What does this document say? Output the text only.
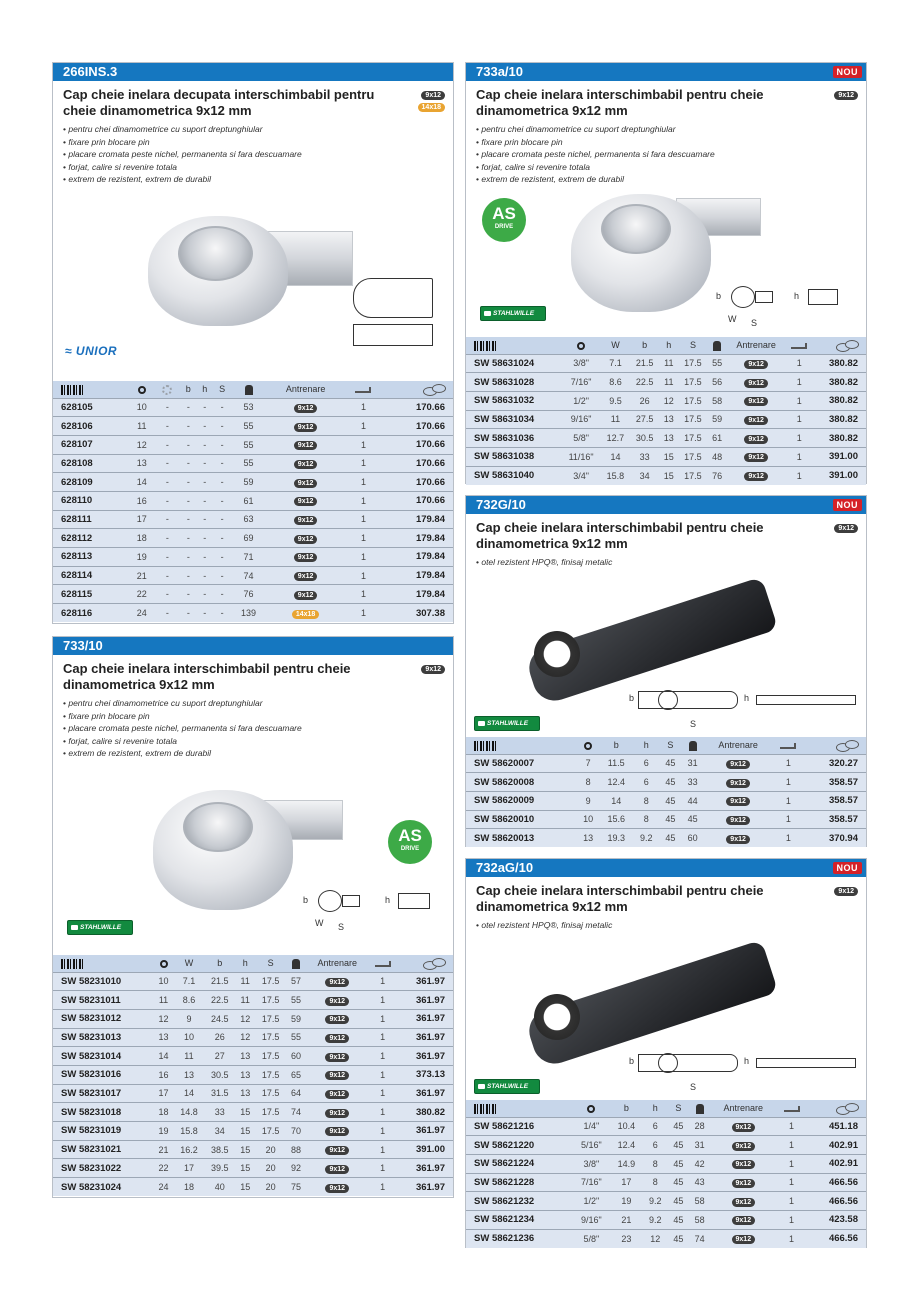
266INS.3
Cap cheie inelara decupata interschimbabil pentru cheie dinamometrica 9x12 mm
9x12
14x18
• pentru chei dinamometrice cu suport dreptunghiular
• fixare prin blocare pin
• placare cromata peste nichel, permanenta si fara descuamare
• forjat, calire si revenire totala
• extrem de rezistent, extrem de durabil
≈ UNIOR
			b	h	S		Antrenare		
628105	10	-	-	-	-	53	9x12	1	170.66
628106	11	-	-	-	-	55	9x12	1	170.66
628107	12	-	-	-	-	55	9x12	1	170.66
628108	13	-	-	-	-	55	9x12	1	170.66
628109	14	-	-	-	-	59	9x12	1	170.66
628110	16	-	-	-	-	61	9x12	1	170.66
628111	17	-	-	-	-	63	9x12	1	179.84
628112	18	-	-	-	-	69	9x12	1	179.84
628113	19	-	-	-	-	71	9x12	1	179.84
628114	21	-	-	-	-	74	9x12	1	179.84
628115	22	-	-	-	-	76	9x12	1	179.84
628116	24	-	-	-	-	139	14x18	1	307.38
733/10
Cap cheie inelara interschimbabil pentru cheie dinamometrica 9x12 mm
9x12
• pentru chei dinamometrice cu suport dreptunghiular
• fixare prin blocare pin
• placare cromata peste nichel, permanenta si fara descuamare
• forjat, calire si revenire totala
• extrem de rezistent, extrem de durabil
AS
DRIVE
b
W S
h
STAHLWILLE
		W	b	h	S		Antrenare		
SW 58231010	10	7.1	21.5	11	17.5	57	9x12	1	361.97
SW 58231011	11	8.6	22.5	11	17.5	55	9x12	1	361.97
SW 58231012	12	9	24.5	12	17.5	59	9x12	1	361.97
SW 58231013	13	10	26	12	17.5	55	9x12	1	361.97
SW 58231014	14	11	27	13	17.5	60	9x12	1	361.97
SW 58231016	16	13	30.5	13	17.5	65	9x12	1	373.13
SW 58231017	17	14	31.5	13	17.5	64	9x12	1	361.97
SW 58231018	18	14.8	33	15	17.5	74	9x12	1	380.82
SW 58231019	19	15.8	34	15	17.5	70	9x12	1	361.97
SW 58231021	21	16.2	38.5	15	20	88	9x12	1	391.00
SW 58231022	22	17	39.5	15	20	92	9x12	1	361.97
SW 58231024	24	18	40	15	20	75	9x12	1	361.97
733a/10	NOU
Cap cheie inelara interschimbabil pentru cheie dinamometrica 9x12 mm
9x12
• pentru chei dinamometrice cu suport dreptunghiular
• fixare prin blocare pin
• placare cromata peste nichel, permanenta si fara descuamare
• forjat, calire si revenire totala
• extrem de rezistent, extrem de durabil
AS
DRIVE
b
W S
h
STAHLWILLE
		W	b	h	S		Antrenare		
SW 58631024	3/8"	7.1	21.5	11	17.5	55	9x12	1	380.82
SW 58631028	7/16"	8.6	22.5	11	17.5	56	9x12	1	380.82
SW 58631032	1/2"	9.5	26	12	17.5	58	9x12	1	380.82
SW 58631034	9/16"	11	27.5	13	17.5	59	9x12	1	380.82
SW 58631036	5/8"	12.7	30.5	13	17.5	61	9x12	1	380.82
SW 58631038	11/16"	14	33	15	17.5	48	9x12	1	391.00
SW 58631040	3/4"	15.8	34	15	17.5	76	9x12	1	391.00
732G/10	NOU
Cap cheie inelara interschimbabil pentru cheie dinamometrica 9x12 mm
9x12
• otel rezistent HPQ®, finisaj metalic
b
S
h
STAHLWILLE
		b	h	S		Antrenare		
SW 58620007	7	11.5	6	45	31	9x12	1	320.27
SW 58620008	8	12.4	6	45	33	9x12	1	358.57
SW 58620009	9	14	8	45	44	9x12	1	358.57
SW 58620010	10	15.6	8	45	45	9x12	1	358.57
SW 58620013	13	19.3	9.2	45	60	9x12	1	370.94
732aG/10	NOU
Cap cheie inelara interschimbabil pentru cheie dinamometrica 9x12 mm
9x12
• otel rezistent HPQ®, finisaj metalic
b
S
h
STAHLWILLE
		b	h	S		Antrenare		
SW 58621216	1/4"	10.4	6	45	28	9x12	1	451.18
SW 58621220	5/16"	12.4	6	45	31	9x12	1	402.91
SW 58621224	3/8"	14.9	8	45	42	9x12	1	402.91
SW 58621228	7/16"	17	8	45	43	9x12	1	466.56
SW 58621232	1/2"	19	9.2	45	58	9x12	1	466.56
SW 58621234	9/16"	21	9.2	45	58	9x12	1	423.58
SW 58621236	5/8"	23	12	45	74	9x12	1	466.56
